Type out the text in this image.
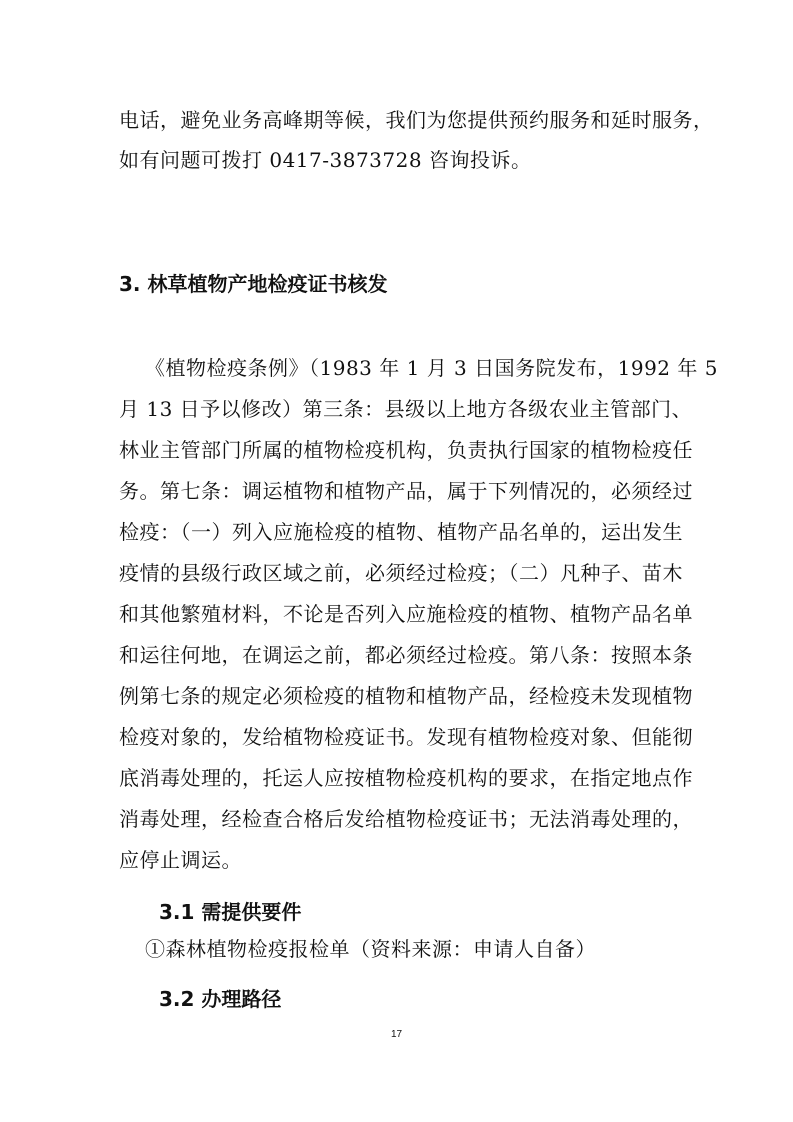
电话，避免业务高峰期等候，我们为您提供预约服务和延时服务，
如有问题可拨打 0417-3873728 咨询投诉。
3. 林草植物产地检疫证书核发
《植物检疫条例》（1983 年 1 月 3 日国务院发布，1992 年 5
月 13 日予以修改）第三条：县级以上地方各级农业主管部门、
林业主管部门所属的植物检疫机构，负责执行国家的植物检疫任
务。第七条：调运植物和植物产品，属于下列情况的，必须经过
检疫：（一）列入应施检疫的植物、植物产品名单的，运出发生
疫情的县级行政区域之前，必须经过检疫；（二）凡种子、苗木
和其他繁殖材料，不论是否列入应施检疫的植物、植物产品名单
和运往何地，在调运之前，都必须经过检疫。第八条：按照本条
例第七条的规定必须检疫的植物和植物产品，经检疫未发现植物
检疫对象的，发给植物检疫证书。发现有植物检疫对象、但能彻
底消毒处理的，托运人应按植物检疫机构的要求，在指定地点作
消毒处理，经检查合格后发给植物检疫证书；无法消毒处理的，
应停止调运。
3.1 需提供要件
①森林植物检疫报检单（资料来源：申请人自备）
3.2 办理路径
17
